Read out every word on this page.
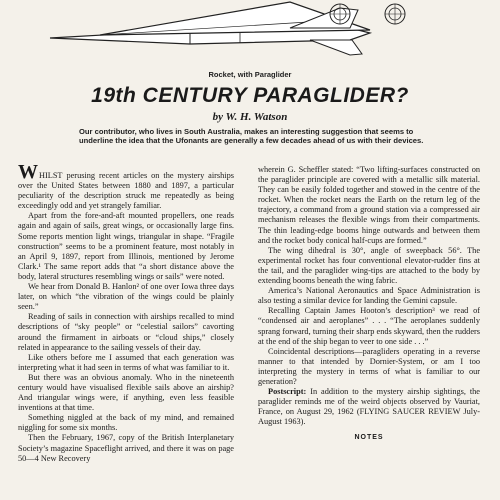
Rocket, with Paraglider
19th CENTURY PARAGLIDER?
by W. H. Watson
Our contributor, who lives in South Australia, makes an interesting suggestion that seems to underline the idea that the Ufonants are generally a few decades ahead of us with their devices.

WHILST perusing recent articles on the mystery airships over the United States between 1880 and 1897, a particular peculiarity of the description struck me repeatedly as being exceedingly odd and yet strangely familiar.

Apart from the fore-and-aft mounted propellers, one reads again and again of sails, great wings, or occasionally large fins. Some reports mention light wings, triangular in shape. “Fragile construction” seems to be a prominent feature, most notably in an April 9, 1897, report from Illinois, mentioned by Jerome Clark.¹ The same report adds that “a short distance above the body, lateral structures resembling wings or sails” were noted.

We hear from Donald B. Hanlon² of one over Iowa three days later, on which “the vibration of the wings could be plainly seen.”

Reading of sails in connection with airships recalled to mind descriptions of “sky people” or “celestial sailors” cavorting around the firmament in airboats or “cloud ships,” closely related in appearance to the sailing vessels of their day.

Like others before me I assumed that each generation was interpreting what it had seen in terms of what was familiar to it.

But there was an obvious anomaly. Who in the nineteenth century would have visualised flexible sails above an airship? And triangular wings were, if anything, even less feasible inventions at that time.

Something niggled at the back of my mind, and remained niggling for some six months.

Then the February, 1967, copy of the British Interplanetary Society’s magazine Spaceflight arrived, and there it was on page 50—4 New Recovery

wherein G. Scheffler stated: “Two lifting-surfaces constructed on the paraglider principle are covered with a metallic silk material. They can be easily folded together and stowed in the centre of the rocket. When the rocket nears the Earth on the return leg of the trajectory, a command from a ground station via a compressed air mechanism releases the flexible wings from their compartments. The thin leading-edge booms hinge outwards and between them and the rocket body conical half-cups are formed.”

The wing dihedral is 30°, angle of sweepback 56°. The experimental rocket has four conventional elevator-rudder fins at the tail, and the paraglider wing-tips are attached to the body by extending booms beneath the wing fabric.

America’s National Aeronautics and Space Administration is also testing a similar device for landing the Gemini capsule.

Recalling Captain James Hooton’s description³ we read of “condensed air and aeroplanes” . . . “The aeroplanes suddenly sprang forward, turning their sharp ends skyward, then the rudders at the end of the ship began to veer to one side . . .”

Coincidental descriptions—paragliders operating in a reverse manner to that intended by Dornier-System, or am I too interpreting the mystery in terms of what is familiar to our generation?

Postscript: In addition to the mystery airship sightings, the paraglider reminds me of the weird objects observed by Vauriat, France, on August 29, 1962 (FLYING SAUCER REVIEW July-August 1963).

NOTES
